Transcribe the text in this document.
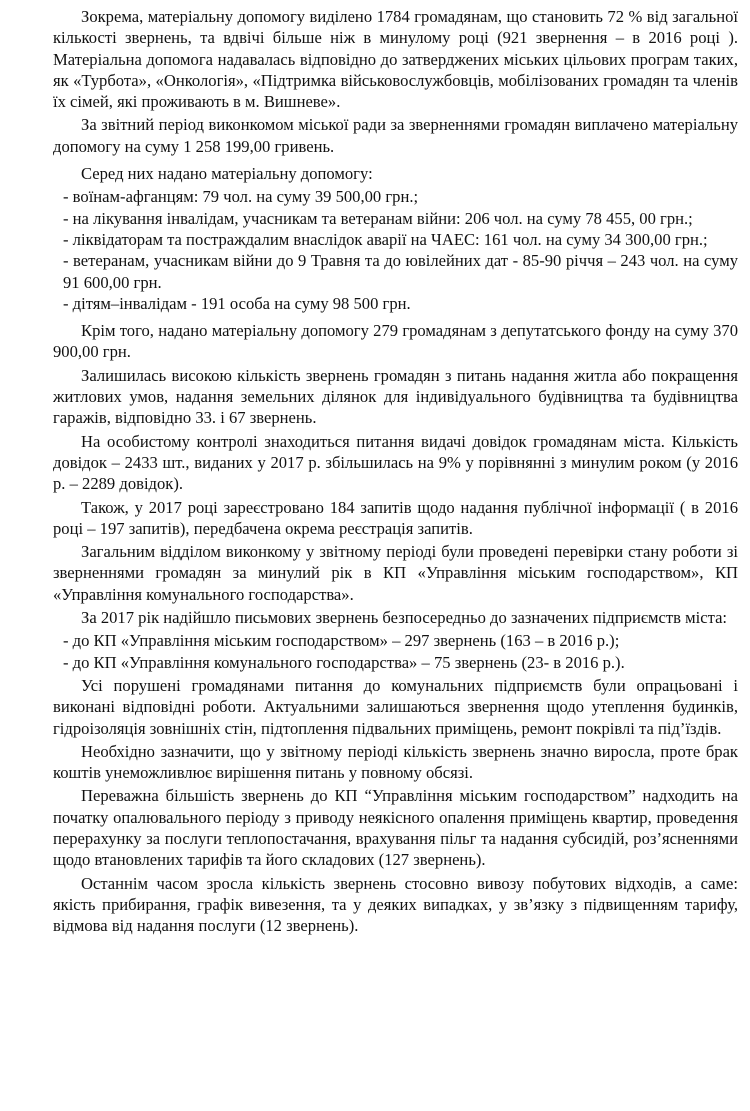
Зокрема, матеріальну допомогу виділено 1784 громадянам, що становить 72 % від загальної кількості звернень, та вдвічі більше ніж в минулому році (921 звернення – в 2016 році ). Матеріальна допомога надавалась відповідно до затверджених міських цільових програм таких, як «Турбота», «Онкологія», «Підтримка військовослужбовців, мобілізованих громадян та членів їх сімей, які проживають в м. Вишневе».

За звітний період виконкомом міської ради за зверненнями громадян виплачено матеріальну допомогу на суму 1 258 199,00 гривень.

Серед них надано матеріальну допомогу:

- воїнам-афганцям: 79 чол. на суму 39 500,00 грн.;

- на лікування інвалідам, учасникам та ветеранам війни: 206 чол. на суму 78 455, 00 грн.;

- ліквідаторам та постраждалим внаслідок аварії на ЧАЕС: 161 чол. на суму 34 300,00 грн.;

- ветеранам, учасникам війни до 9 Травня та до ювілейних дат - 85-90 річчя – 243 чол. на суму 91 600,00 грн.

- дітям–інвалідам - 191 особа на суму 98 500 грн.

Крім того, надано матеріальну допомогу 279 громадянам з депутатського фонду на суму 370 900,00 грн.

Залишилась високою кількість звернень громадян з питань надання житла або покращення житлових умов, надання земельних ділянок для індивідуального будівництва та будівництва гаражів, відповідно 33. і 67 звернень.

На особистому контролі знаходиться питання видачі довідок громадянам міста. Кількість довідок – 2433 шт., виданих у 2017 р. збільшилась на 9% у порівнянні з минулим роком (у 2016 р. – 2289 довідок).

Також, у 2017 році зареєстровано 184 запитів щодо надання публічної інформації ( в 2016 році – 197 запитів), передбачена окрема реєстрація запитів.

Загальним відділом виконкому у звітному періоді були проведені перевірки стану роботи зі зверненнями громадян за минулий рік в КП «Управління міським господарством», КП «Управління комунального господарства».

За 2017 рік надійшло письмових звернень безпосередньо до зазначених підприємств міста:

- до КП «Управління міським господарством» – 297 звернень (163 – в 2016 р.);

- до КП «Управління комунального господарства» – 75 звернень (23- в 2016 р.).

Усі порушені громадянами питання до комунальних підприємств були опрацьовані і виконані відповідні роботи. Актуальними залишаються звернення щодо утеплення будинків, гідроізоляція зовнішніх стін, підтоплення підвальних приміщень, ремонт покрівлі та під’їздів.

Необхідно зазначити, що у звітному періоді кількість звернень значно виросла, проте брак коштів унеможливлює вирішення питань у повному обсязі.

Переважна більшість звернень до КП “Управління міським господарством” надходить на початку опалювального періоду з приводу неякісного опалення приміщень квартир, проведення перерахунку за послуги теплопостачання, врахування пільг та надання субсидій, роз’ясненнями щодо втановлених тарифів та його складових (127 звернень).

Останнім часом зросла кількість звернень стосовно вивозу побутових відходів, а саме: якість прибирання, графік вивезення, та у деяких випадках, у зв’язку з підвищенням тарифу, відмова від надання послуги (12 звернень).
